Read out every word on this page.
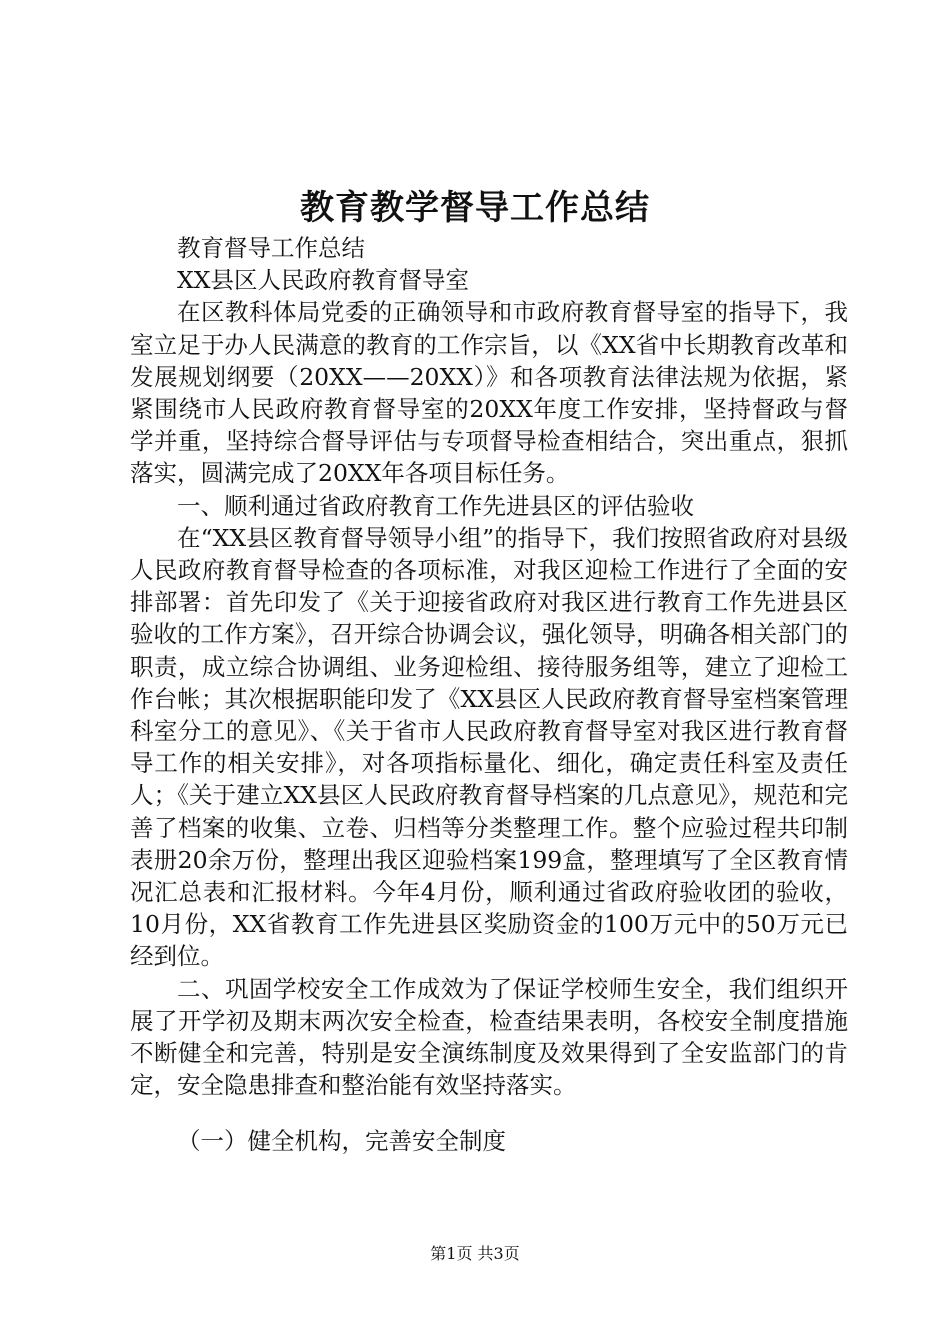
教育教学督导工作总结

教育督导工作总结

XX县区人民政府教育督导室

在区教科体局党委的正确领导和市政府教育督导室的指导下，我室立足于办人民满意的教育的工作宗旨，以《XX省中长期教育改革和发展规划纲要（20XX——20XX）》和各项教育法律法规为依据，紧紧围绕市人民政府教育督导室的20XX年度工作安排，坚持督政与督学并重，坚持综合督导评估与专项督导检查相结合，突出重点，狠抓落实，圆满完成了20XX年各项目标任务。

一、顺利通过省政府教育工作先进县区的评估验收

在“XX县区教育督导领导小组”的指导下，我们按照省政府对县级人民政府教育督导检查的各项标准，对我区迎检工作进行了全面的安排部署：首先印发了《关于迎接省政府对我区进行教育工作先进县区验收的工作方案》，召开综合协调会议，强化领导，明确各相关部门的职责，成立综合协调组、业务迎检组、接待服务组等，建立了迎检工作台帐；其次根据职能印发了《XX县区人民政府教育督导室档案管理科室分工的意见》、《关于省市人民政府教育督导室对我区进行教育督导工作的相关安排》，对各项指标量化、细化，确定责任科室及责任人；《关于建立XX县区人民政府教育督导档案的几点意见》，规范和完善了档案的收集、立卷、归档等分类整理工作。整个应验过程共印制表册20余万份，整理出我区迎验档案199盒，整理填写了全区教育情况汇总表和汇报材料。今年4月份，顺利通过省政府验收团的验收，10月份，XX省教育工作先进县区奖励资金的100万元中的50万元已经到位。

二、巩固学校安全工作成效为了保证学校师生安全，我们组织开展了开学初及期末两次安全检查，检查结果表明，各校安全制度措施不断健全和完善，特别是安全演练制度及效果得到了全安监部门的肯定，安全隐患排查和整治能有效坚持落实。

（一）健全机构，完善安全制度

第1页 共3页
